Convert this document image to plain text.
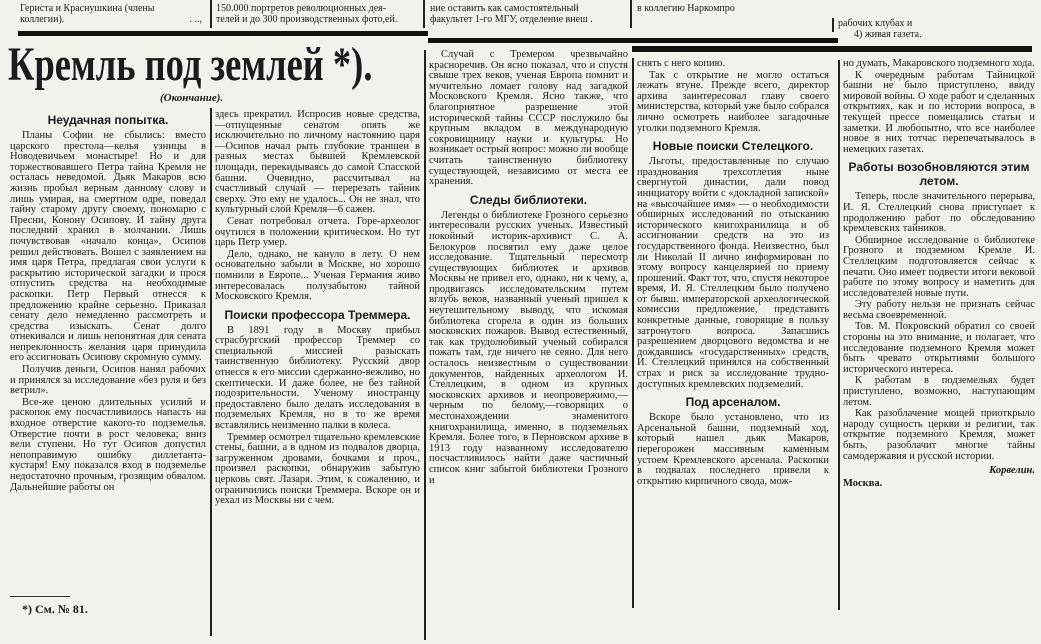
Гериста и Краснушкина (члены
коллегии).	. ..,
150.000 портретов революционных дея-
телей и до 300 производственных фото,ей.
ние оставить как самостоятельный
факультет 1-го МГУ, отделение внеш .
в коллегию Наркомпро
рабочих клубах и
4) живая газета.
Кремль под землей *).
(Окончание).
Неудачная попытка.

Планы Софии не сбылись: вместо царского престола—келья узницы в Новодевичьем монастыре! Но и для торжествовавшего Петра тайна Кремля не осталась неведомой. Дьяк Макаров всю жизнь пробыл верным данному слову и лишь умирая, на смертном одре, поведал тайну старому другу своему, пономарю с Пресни, Конону Осипову. И тайну друга последний хранил в молчании. Лишь почувствовав «начало конца», Осипов решил действовать. Вошел с заявлением на имя царя Петра, предлагая свои услуги к раскрытию исторической загадки и прося отпустить средства на необходимые раскопки. Петр Первый отнесся к предложению крайне серьезно. Приказал сенату дело немедленно рассмотреть и средства изыскать. Сенат долго отнекивался и лишь непонятная для сената непреклонность желания царя принудила его ассигновать Осипову скромную сумму.

Получив деньги, Осипов нанял рабочих и принялся за исследование «без руля и без ветрил».

Все-же ценою длительных усилий и раскопок ему посчастливилось напасть на входное отверстие какого-то подземелья. Отверстие почти в рост человека; вниз вели ступени. Но тут Осипов допустил непоправимую ошибку диллетанта-кустаря! Ему показался вход в подземелье недостаточно прочным, грозящим обвалом. Дальнейшие работы он

здесь прекратил. Испросив новые средства,—отпущенные сенатом опять же исключительно по личному настоянию царя—Осипов начал рыть глубокие траншеи в разных местах бывшей Кремлевской площади, перекидываясь до самой Спасской башни. Очевидно, рассчитывал на счастливый случай — перерезать тайник сверху. Это ему не удалось... Он не знал, что культурный слой Кремля—6 сажен.

Сенат потребовал отчета. Горе-археолог очутился в положении критическом. Но тут царь Петр умер.

Дело, однако, не кануло в лету. О нем основательно забыли в Москве, но хорошо помнили в Европе... Ученая Германия живо интересовалась полузабытою тайной Московского Кремля.

Поиски профессора Треммера.

В 1891 году в Москву прибыл страсбургский профессор Треммер со специальной миссией разыскать таинственную библиотеку. Русский двор отнесся к его миссии сдержанно-вежливо, но скептически. И даже более, не без тайной подозрительности. Ученому иностранцу предоставлено было делать исследования в подземельях Кремля, но в то же время вставлялись неизменно палки в колеса.

Треммер осмотрел тщательно кремлевские стены, башни, а в одном из подвалов дворца, загруженном дровами, бочками и проч., произвел раскопки, обнаружив забытую церковь свят. Лазаря. Этим, к сожалению, и ограничились поиски Треммера. Вскоре он и уехал из Москвы ни с чем.

Случай с Тремером чрезвычайно красноречив. Он ясно показал, что и спустя свыше трех веков, ученая Европа помнит и мучительно ломает голову над загадкой Московского Кремля. Ясно также, что благоприятное разрешение этой исторической тайны СССР послужило бы крупным вкладом в международную сокровищницу науки и культуры. Но возникает острый вопрос: можно ли вообще считать таинственную библиотеку существующей, независимо от места ее хранения.

Следы библиотеки.

Легенды о библиотеке Грозного серьезно интересовали русских ученых. Известный покойный историк-архивист С. А. Белокуров посвятил ему даже целое исследование. Тщательный пересмотр существующих библиотек и архивов Москвы не привел его, однако, ни к чему, а, продвигаясь исследовательским путем вглубь веков, названный ученый пришел к неутешительному выводу, что искомая библиотека сгорела в один из больших московских пожаров. Вывод естественный, так как трудолюбивый ученый собирался пожать там, где ничего не сеяно. Для него осталось неизвестным о существовании документов, найденных археологом И. Стеллецким, в одном из крупных московских архивов и неопровержимо,—черным по белому,—говорящих о местонахождении знаменитого книгохранилища, именно, в подземельях Кремля. Более того, в Перновском архиве в 1913 году названному исследователю посчастливилось найти даже частичный список книг забытой библиотеки Грозного и

снять с него копию.

Так с открытие не могло остаться лежать втуне. Прежде всего, директор архива заинтересовал главу своего министерства, который уже было собрался лично осмотреть наиболее загадочные уголки подземного Кремля.

Новые поиски Стелецкого.

Льготы, предоставленные по случаю празднования трехсотлетия ныне свергнутой династии, дали повод инициатору войти с «докладной запиской» на «высочайшее имя» — о необходимости обширных исследований по отысканию исторического книгохранилища и об ассигновании средств на это из государственного фонда. Неизвестно, был ли Николай II лично информирован по этому вопросу канцелярией по приему прошений. Факт тот, что, спустя некоторое время, И. Я. Стеллецким было получено от бывш. императорской археологической комиссии предложение, представить конкретные данные, говорящие в пользу затронутого вопроса. Запасшись разрешением дворцового ведомства и не дождавшись «государственных» средств, И. Стеллецкий принялся на собственный страх и риск за исследование трудно-доступных кремлевских подземелий.

Под арсеналом.

Вскоре было установлено, что из Арсенальной башни, подземный ход, который нашел дьяк Макаров, перегорожен массивным каменным устоем Кремлевского арсенала. Раскопки в подвалах последнего привели к открытию кирпичного свода, мож-

но думать, Макаровского подземного хода.

К очередным работам Тайницкой башни не было приступлено, ввиду мировой войны. О ходе работ и сделанных открытиях, как и по истории вопроса, в текущей прессе помещались статьи и заметки. И любопытно, что все наиболее новое в них тотчас перепечатывалось в немецких газетах.

Работы возобновляются этим летом.

Теперь, после значительного перерыва, И. Я. Стеллецкий снова приступает к продолжению работ по обследованию кремлевских тайников.

Обширное исследование о библиотеке Грозного и подземном Кремле И. Стеллецким подготовляется сейчас к печати. Оно имеет подвести итоги вековой работе по этому вопросу и наметить для исследователей новые пути.

Эту работу нельзя не признать сейчас весьма своевременной.

Тов. М. Покровский обратил со своей стороны на это внимание, и полагает, что исследование подземного Кремля может быть чревато открытиями большого исторического интереса.

К работам в подземельях будет приступлено, возможно, наступающим летом.

Как разоблачение мощей приоткрыло народу сущность церкви и религии, так открытие подземного Кремля, может быть, разоблачит многие тайны самодержавия и русской истории.

Корвелин.

Москва.

*) См. № 81.
